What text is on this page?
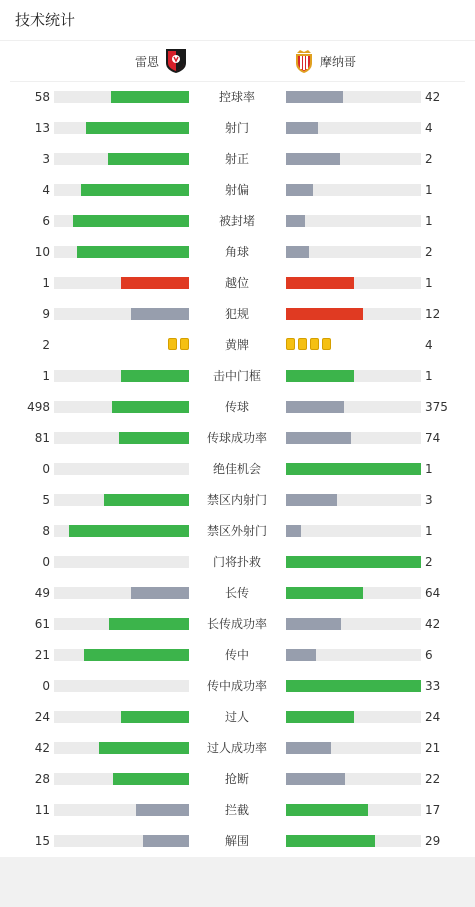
技术统计
雷恩	摩纳哥
58	控球率	42
13	射门	4
3	射正	2
4	射偏	1
6	被封堵	1
10	角球	2
1	越位	1
9	犯规	12
2	黄牌	4
1	击中门框	1
498	传球	375
81	传球成功率	74
0	绝佳机会	1
5	禁区内射门	3
8	禁区外射门	1
0	门将扑救	2
49	长传	64
61	长传成功率	42
21	传中	6
0	传中成功率	33
24	过人	24
42	过人成功率	21
28	抢断	22
11	拦截	17
15	解围	29
